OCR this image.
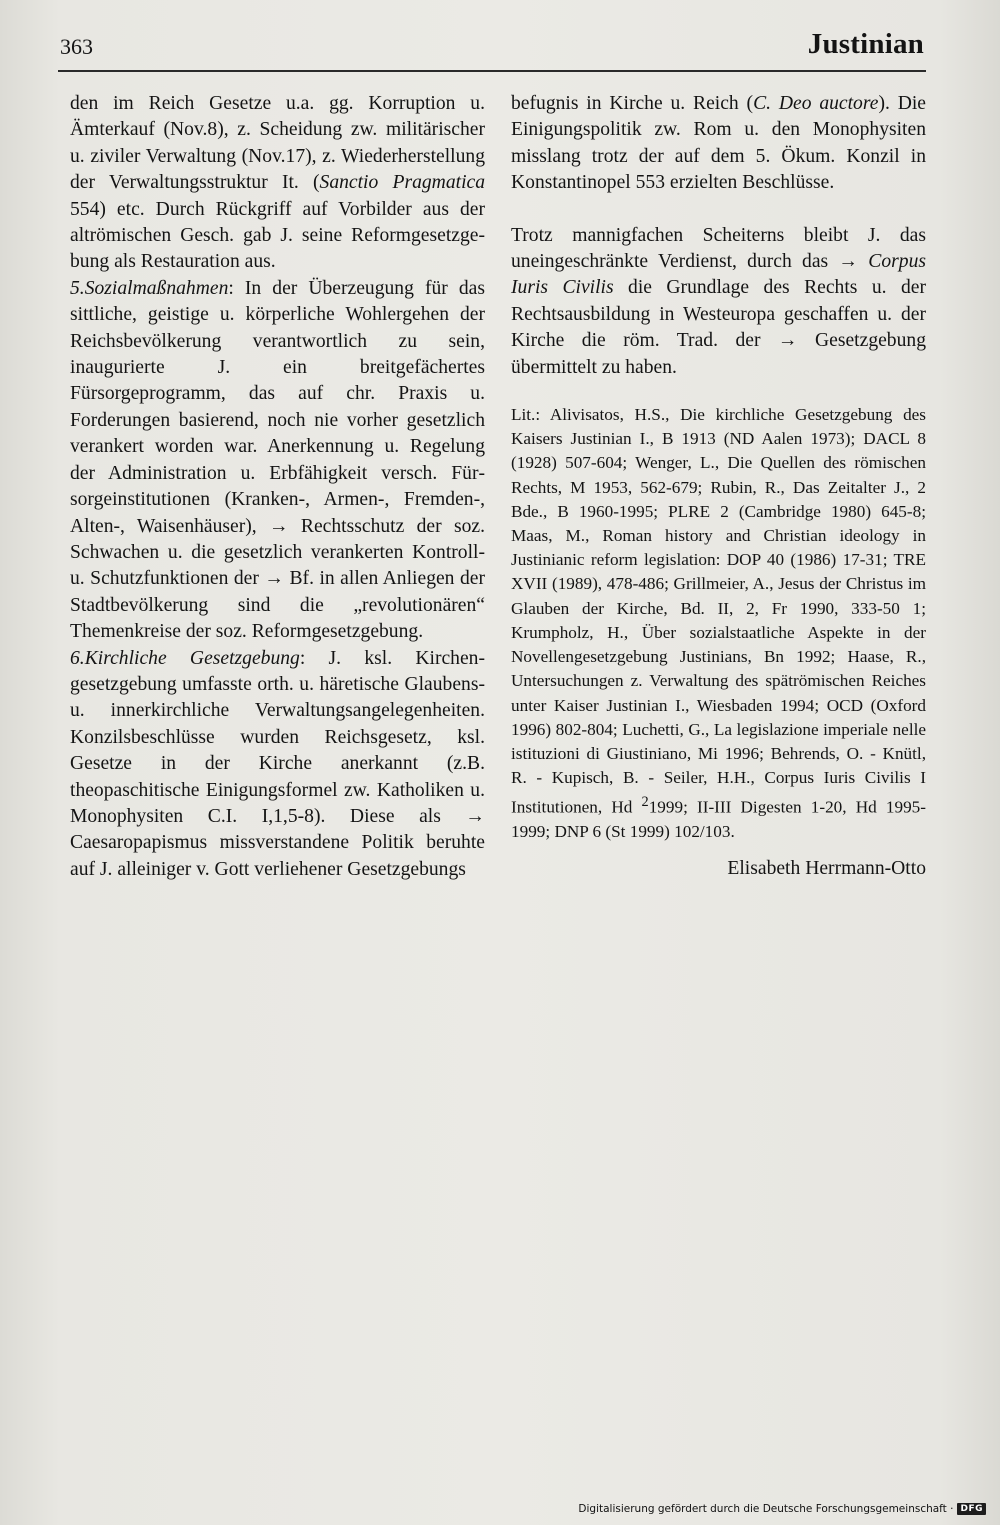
363	Justinian

den im Reich Gesetze u.a. gg. Korruption u. Ämterkauf (Nov.8), z. Scheidung zw. militärischer u. ziviler Verwaltung (Nov.17), z. Wiederherstellung der Verwaltungsstruktur It. (Sanctio Pragmatica 554) etc. Durch Rückgriff auf Vorbilder aus der altrömischen Gesch. gab J. seine Reformgesetzgebung als Restauration aus.

5.Sozialmaßnahmen: In der Überzeugung für das sittliche, geistige u. körperliche Wohlergehen der Reichsbevölkerung verantwortlich zu sein, inaugurierte J. ein breitgefächertes Fürsorgeprogramm, das auf chr. Praxis u. Forderungen basierend, noch nie vorher gesetzlich verankert worden war. Anerkennung u. Regelung der Administration u. Erbfähigkeit versch. Fürsorgeinstitutionen (Kranken-, Armen-, Fremden-, Alten-, Waisenhäuser), → Rechtsschutz der soz. Schwachen u. die gesetzlich verankerten Kontroll- u. Schutzfunktionen der → Bf. in allen Anliegen der Stadtbevölkerung sind die „revolutionären“ Themenkreise der soz. Reformgesetzgebung.

6.Kirchliche Gesetzgebung: J. ksl. Kirchengesetzgebung umfasste orth. u. häretische Glaubens- u. innerkirchliche Verwaltungsangelegenheiten. Konzilsbeschlüsse wurden Reichsgesetz, ksl. Gesetze in der Kirche anerkannt (z.B. theopaschitische Einigungsformel zw. Katholiken u. Monophysiten C.I. I,1,5-8). Diese als → Caesaropapismus missverstandene Politik beruhte auf J. alleiniger v. Gott verliehener Gesetzgebungs

befugnis in Kirche u. Reich (C. Deo auctore). Die Einigungspolitik zw. Rom u. den Monophysiten misslang trotz der auf dem 5. Ökum. Konzil in Konstantinopel 553 erzielten Beschlüsse.

Trotz mannigfachen Scheiterns bleibt J. das uneingeschränkte Verdienst, durch das → Corpus Iuris Civilis die Grundlage des Rechts u. der Rechtsausbildung in Westeuropa geschaffen u. der Kirche die röm. Trad. der → Gesetzgebung übermittelt zu haben.

Lit.: Alivisatos, H.S., Die kirchliche Gesetzgebung des Kaisers Justinian I., B 1913 (ND Aalen 1973); DACL 8 (1928) 507-604; Wenger, L., Die Quellen des römischen Rechts, M 1953, 562-679; Rubin, R., Das Zeitalter J., 2 Bde., B 1960-1995; PLRE 2 (Cambridge 1980) 645-8; Maas, M., Roman history and Christian ideology in Justinianic reform legislation: DOP 40 (1986) 17-31; TRE XVII (1989), 478-486; Grillmeier, A., Jesus der Christus im Glauben der Kirche, Bd. II, 2, Fr 1990, 333-50 1; Krumpholz, H., Über sozialstaatliche Aspekte in der Novellengesetzgebung Justinians, Bn 1992; Haase, R., Untersuchungen z. Verwaltung des spätrömischen Reiches unter Kaiser Justinian I., Wiesbaden 1994; OCD (Oxford 1996) 802-804; Luchetti, G., La legislazione imperiale nelle istituzioni di Giustiniano, Mi 1996; Behrends, O. - Knütl, R. - Kupisch, B. - Seiler, H.H., Corpus Iuris Civilis I Institutionen, Hd $^2$1999; II-III Digesten 1-20, Hd 1995-1999; DNP 6 (St 1999) 102/103.

Elisabeth Herrmann-Otto

Digitalisierung gefördert durch die Deutsche Forschungsgemeinschaft · DFG
